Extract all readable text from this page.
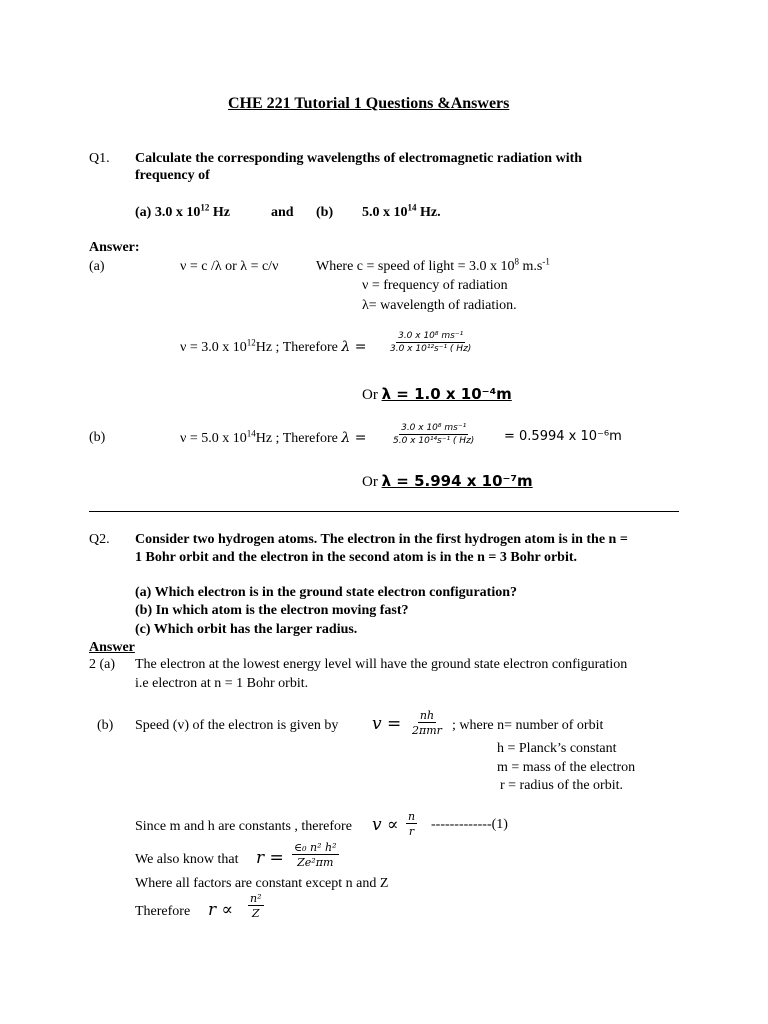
CHE 221 Tutorial 1 Questions &Answers
Q1. Calculate the corresponding wavelengths of electromagnetic radiation with
frequency of
(a) 3.0 x $10^{12}$ Hz	and (b) 5.0 x $10^{14}$ Hz.
Answer:
(a)	ν = c /λ or λ = c/ν	Where c = speed of light = 3.0 x $10^8$ $m.s^{-1}$
ν = frequency of radiation
λ= wavelength of radiation.
ν = 3.0 x $10^{12}Hz$ ; Therefore $\lambda = \frac{\text{3.0 x 10⁸ ms⁻¹}}{\text{3.0 x 10¹²s⁻¹ ( Hz)}}$
Or λ = 1.0 x 10⁻⁴m
(b)	ν = 5.0 x $10^{14}Hz$ ; Therefore λ =	$\frac{\text{3.0 x 10⁸ ms⁻¹}}{\text{5.0 x 10¹⁴s⁻¹ ( Hz)}} = 0.5994$ x 10⁻⁶m
Or λ = 5.994 x 10⁻⁷m
Q2. Consider two hydrogen atoms. The electron in the first hydrogen atom is in the n =
1 Bohr orbit and the electron in the second atom is in the n = 3 Bohr orbit.
(a) Which electron is in the ground state electron configuration?
(b) In which atom is the electron moving fast?
(c) Which orbit has the larger radius.
Answer
2 (a) The electron at the lowest energy level will have the ground state electron configuration
i.e electron at n = 1 Bohr orbit.
(b) Speed (v) of the electron is given by v = nh
2πmr ; where n= number of orbit
h = Planck’s constant
m = mass of the electron
r = radius of the orbit.
Since m and h are constants , therefore $v \propto \frac{n}{r} -------------(1)$
We also know that $r = \frac{\text{∈₀ n² h²}}{\text{Ze²πm}}$
Where all factors are constant except n and Z
Therefore $r \propto \frac{\text{n²}}{Z}$
